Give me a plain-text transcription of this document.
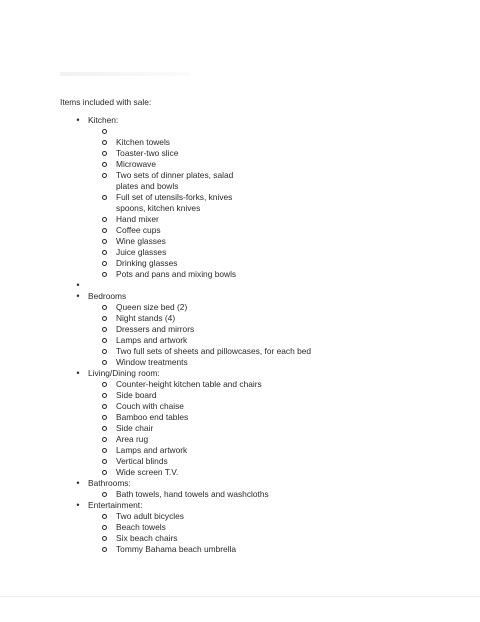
Items included with sale:

• Kitchen:

Kitchen towels
Toaster-two slice
Microwave
Two sets of dinner plates, salad
plates and bowls
Full set of utensils-forks, knives
spoons, kitchen knives
Hand mixer
Coffee cups
Wine glasses
Juice glasses
Drinking glasses
Pots and pans and mixing bowls
•

• Bedrooms
Queen size bed (2)
Night stands (4)
Dressers and mirrors
Lamps and artwork
Two full sets of sheets and pillowcases, for each bed
Window treatments
• Living/Dining room:
Counter-height kitchen table and chairs
Side board
Couch with chaise
Bamboo end tables
Side chair
Area rug
Lamps and artwork
Vertical blinds
Wide screen T.V.
• Bathrooms:
Bath towels, hand towels and washcloths
• Entertainment:
Two adult bicycles
Beach towels
Six beach chairs
Tommy Bahama beach umbrella
